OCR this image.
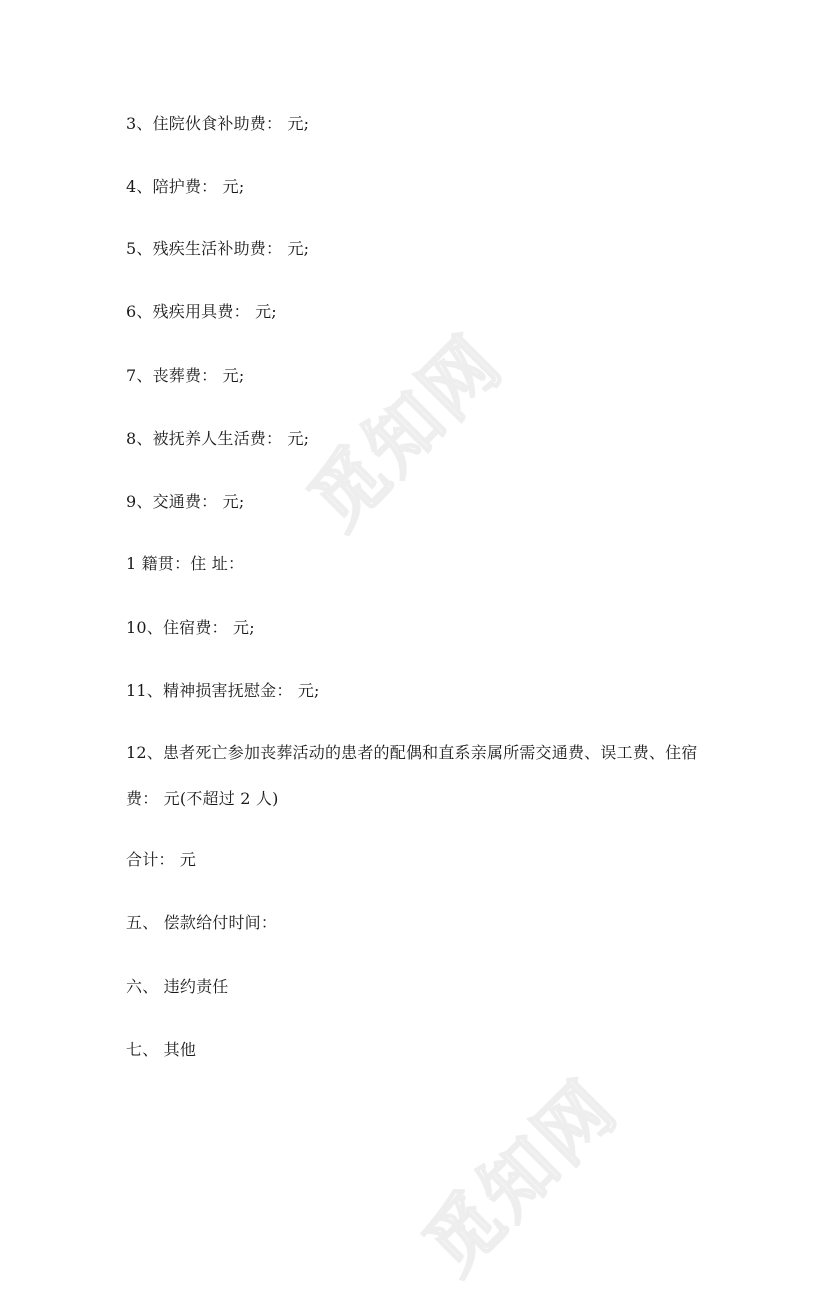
觅知网
觅知网
3、住院伙食补助费： 元;
4、陪护费： 元;
5、残疾生活补助费： 元;
6、残疾用具费： 元;
7、丧葬费： 元;
8、被抚养人生活费： 元;
9、交通费： 元;
1 籍贯：住 址：
10、住宿费： 元;
11、精神损害抚慰金： 元;
12、患者死亡参加丧葬活动的患者的配偶和直系亲属所需交通费、误工费、住宿
费： 元(不超过 2 人)
合计： 元
五、 偿款给付时间：
六、 违约责任
七、 其他
